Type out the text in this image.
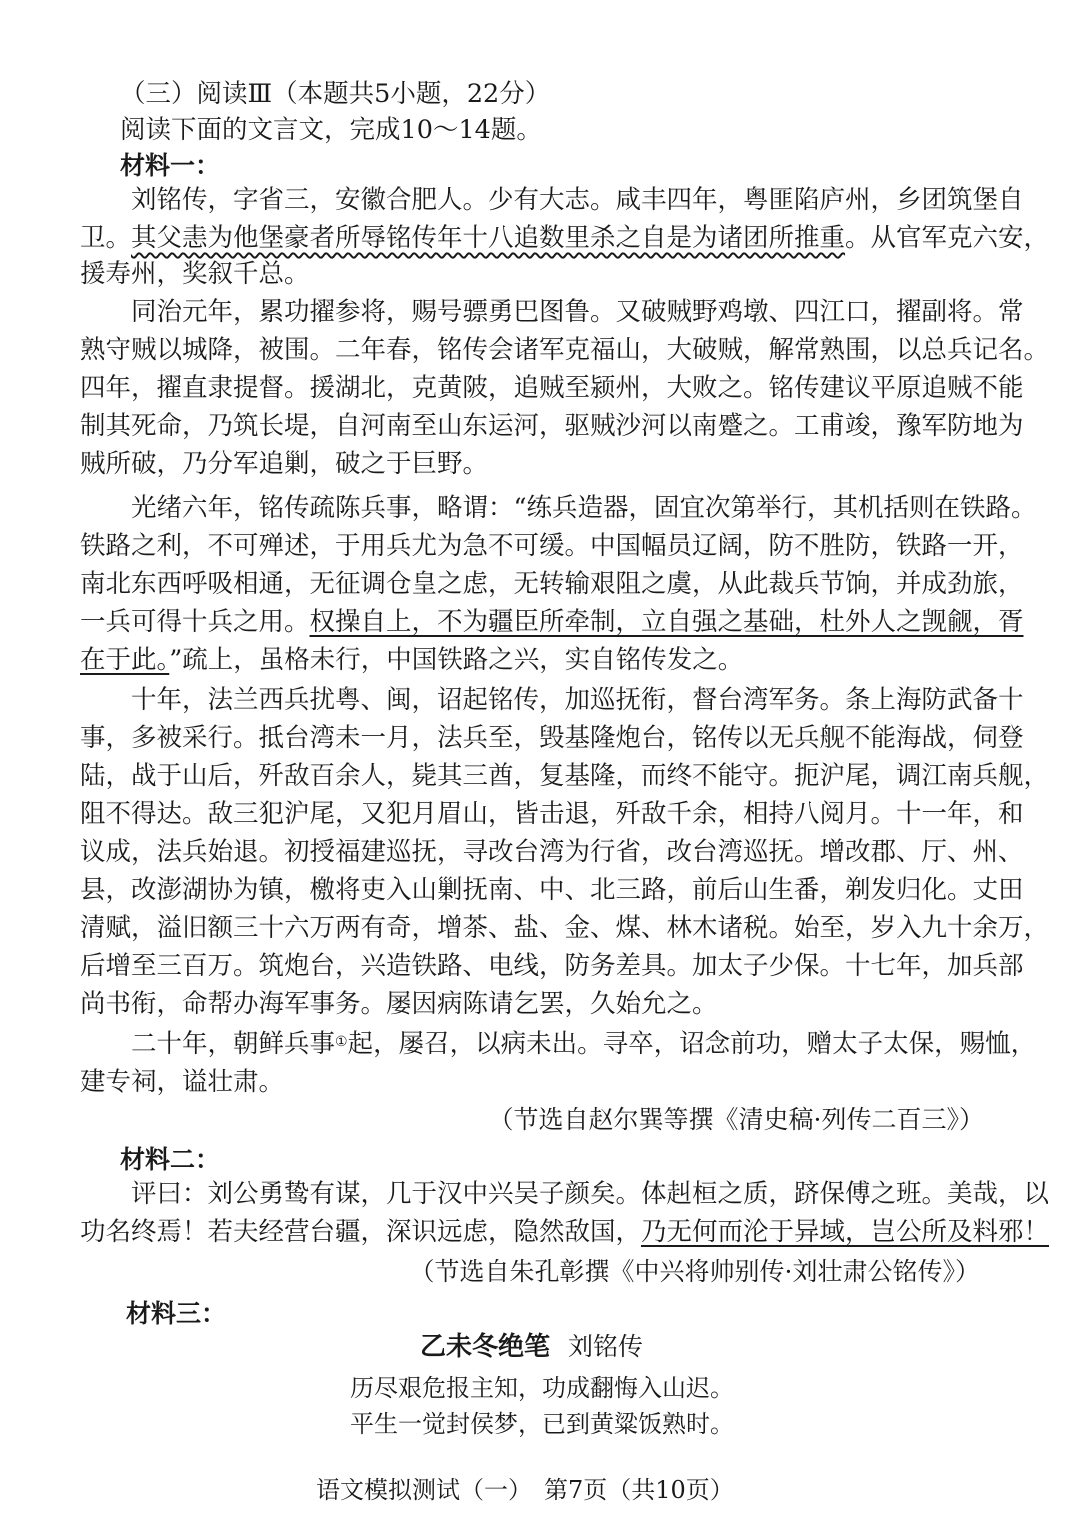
（三）阅读Ⅲ（本题共5小题，22分）
阅读下面的文言文，完成10～14题。
材料一：
　　刘铭传，字省三，安徽合肥人。少有大志。咸丰四年，粤匪陷庐州，乡团筑堡自
卫。其父恚为他堡豪者所辱铭传年十八追数里杀之自是为诸团所推重。从官军克六安，
援寿州，奖叙千总。
　　同治元年，累功擢参将，赐号骠勇巴图鲁。又破贼野鸡墩、四江口，擢副将。常
熟守贼以城降，被围。二年春，铭传会诸军克福山，大破贼，解常熟围，以总兵记名。
四年，擢直隶提督。援湖北，克黄陂，追贼至颍州，大败之。铭传建议平原追贼不能
制其死命，乃筑长堤，自河南至山东运河，驱贼沙河以南蹙之。工甫竣，豫军防地为
贼所破，乃分军追剿，破之于巨野。
　　光绪六年，铭传疏陈兵事，略谓：“练兵造器，固宜次第举行，其机括则在铁路。
铁路之利，不可殚述，于用兵尤为急不可缓。中国幅员辽阔，防不胜防，铁路一开，
南北东西呼吸相通，无征调仓皇之虑，无转输艰阻之虞，从此裁兵节饷，并成劲旅，
一兵可得十兵之用。权操自上，不为疆臣所牵制，立自强之基础，杜外人之觊觎，胥
在于此。”疏上，虽格未行，中国铁路之兴，实自铭传发之。
　　十年，法兰西兵扰粤、闽，诏起铭传，加巡抚衔，督台湾军务。条上海防武备十
事，多被采行。抵台湾未一月，法兵至，毁基隆炮台，铭传以无兵舰不能海战，伺登
陆，战于山后，歼敌百余人，毙其三酋，复基隆，而终不能守。扼沪尾，调江南兵舰，
阻不得达。敌三犯沪尾，又犯月眉山，皆击退，歼敌千余，相持八阅月。十一年，和
议成，法兵始退。初授福建巡抚，寻改台湾为行省，改台湾巡抚。增改郡、厅、州、
县，改澎湖协为镇，檄将吏入山剿抚南、中、北三路，前后山生番，剃发归化。丈田
清赋，溢旧额三十六万两有奇，增茶、盐、金、煤、林木诸税。始至，岁入九十余万，
后增至三百万。筑炮台，兴造铁路、电线，防务差具。加太子少保。十七年，加兵部
尚书衔，命帮办海军事务。屡因病陈请乞罢，久始允之。
　　二十年，朝鲜兵事①起，屡召，以病未出。寻卒，诏念前功，赠太子太保，赐恤，
建专祠，谥壮肃。
（节选自赵尔巽等撰《清史稿·列传二百三》）
材料二：
　　评曰：刘公勇鸷有谋，几于汉中兴吴子颜矣。体赳桓之质，跻保傅之班。美哉，以
功名终焉！若夫经营台疆，深识远虑，隐然敌国，乃无何而沦于异域，岂公所及料邪！
（节选自朱孔彰撰《中兴将帅别传·刘壮肃公铭传》）
材料三：
乙未冬绝笔 刘铭传
历尽艰危报主知，功成翻悔入山迟。
平生一觉封侯梦，已到黄粱饭熟时。
语文模拟测试（一）　第7页（共10页）
